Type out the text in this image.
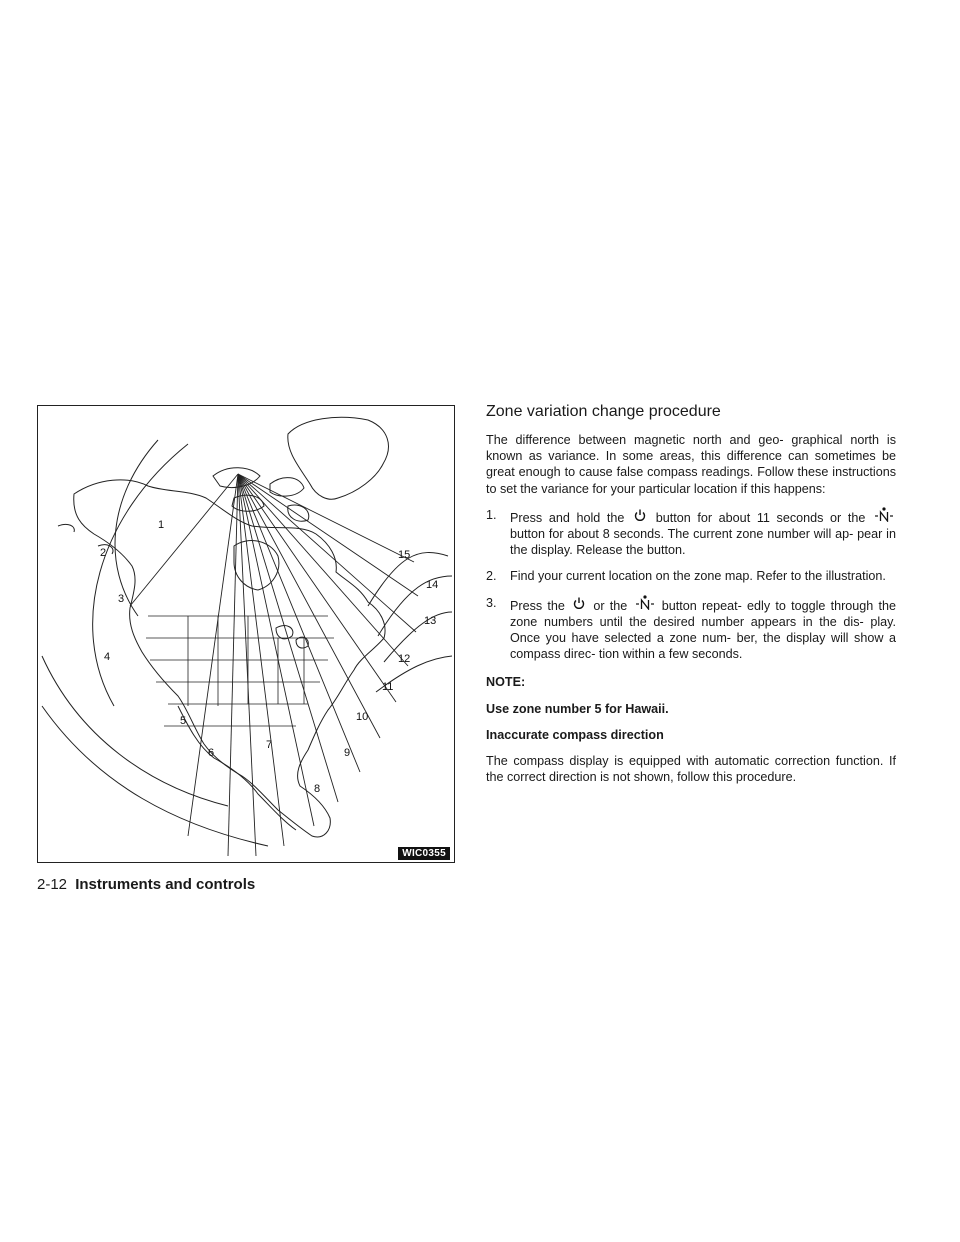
1
2
3
4
5
6
7
8
9
10
11
12
13
14
15
WIC0355
2-12 Instruments and controls
Zone variation change procedure

The difference between magnetic north and geo- graphical north is known as variance. In some areas, this difference can sometimes be great enough to cause false compass readings. Follow these instructions to set the variance for your particular location if this happens:

1. Press and hold the button for about 11 seconds or the  button for about 8 seconds. The current zone number will ap- pear in the display. Release the button.
2. Find your current location on the zone map. Refer to the illustration.
3. Press the or the	button repeat- edly to toggle through the zone numbers until the desired number appears in the dis- play. Once you have selected a zone num- ber, the display will show a compass direc- tion within a few seconds.

NOTE:

Use zone number 5 for Hawaii.

Inaccurate compass direction

The compass display is equipped with automatic correction function. If the correct direction is not shown, follow this procedure.
